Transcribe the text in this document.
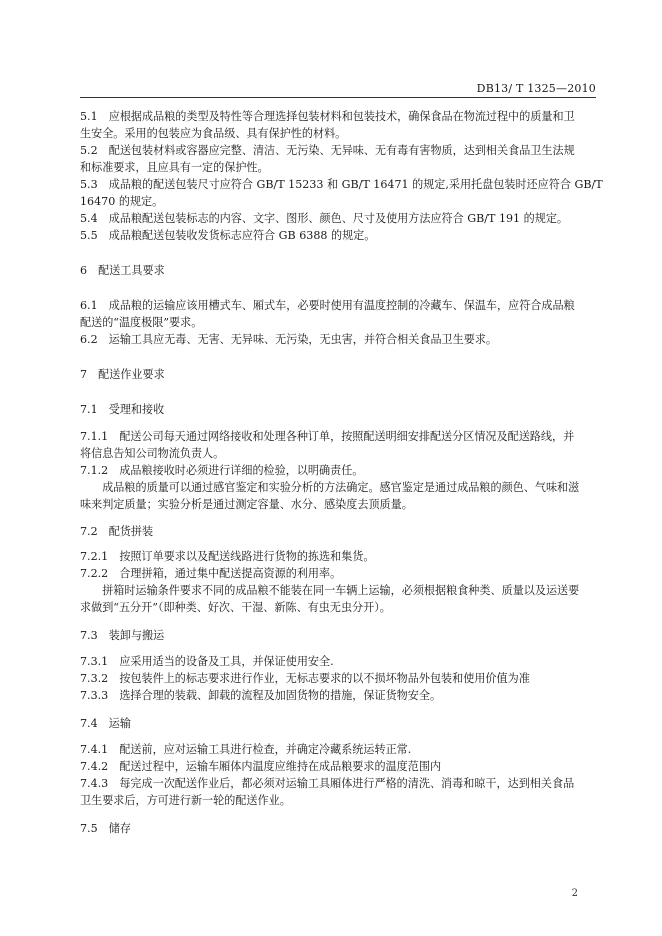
DB13/ T 1325—2010
5.1　应根据成品粮的类型及特性等合理选择包装材料和包装技术，确保食品在物流过程中的质量和卫
生安全。采用的包装应为食品级、具有保护性的材料。
5.2　配送包装材料或容器应完整、清洁、无污染、无异味、无有毒有害物质，达到相关食品卫生法规
和标准要求，且应具有一定的保护性。
5.3　成品粮的配送包装尺寸应符合 GB/T 15233 和 GB/T 16471 的规定,采用托盘包装时还应符合 GB/T
16470 的规定。
5.4　成品粮配送包装标志的内容、文字、图形、颜色、尺寸及使用方法应符合 GB/T 191 的规定。
5.5　成品粮配送包装收发货标志应符合 GB 6388 的规定。
6　配送工具要求
6.1　成品粮的运输应该用槽式车、厢式车，必要时使用有温度控制的冷藏车、保温车，应符合成品粮
配送的“温度极限”要求。
6.2　运输工具应无毒、无害、无异味、无污染，无虫害，并符合相关食品卫生要求。
7　配送作业要求
7.1　受理和接收
7.1.1　配送公司每天通过网络接收和处理各种订单，按照配送明细安排配送分区情况及配送路线，并
将信息告知公司物流负责人。
7.1.2　成品粮接收时必须进行详细的检验，以明确责任。
　　成品粮的质量可以通过感官鉴定和实验分析的方法确定。感官鉴定是通过成品粮的颜色、气味和滋
味来判定质量；实验分析是通过测定容量、水分、感染度去顶质量。
7.2　配货拼装
7.2.1　按照订单要求以及配送线路进行货物的拣选和集货。
7.2.2　合理拼箱，通过集中配送提高资源的利用率。
　　拼箱时运输条件要求不同的成品粮不能装在同一车辆上运输，必须根据粮食种类、质量以及运送要
求做到“五分开”（即种类、好次、干湿、新陈、有虫无虫分开）。
7.3　装卸与搬运
7.3.1　应采用适当的设备及工具，并保证使用安全.
7.3.2　按包装件上的标志要求进行作业，无标志要求的以不损坏物品外包装和使用价值为准
7.3.3　选择合理的装载、卸载的流程及加固货物的措施，保证货物安全。
7.4　运输
7.4.1　配送前，应对运输工具进行检查，并确定冷藏系统运转正常.
7.4.2　配送过程中，运输车厢体内温度应维持在成品粮要求的温度范围内
7.4.3　每完成一次配送作业后，都必须对运输工具厢体进行严格的清洗、消毒和晾干，达到相关食品
卫生要求后，方可进行新一轮的配送作业。
7.5　储存
2
